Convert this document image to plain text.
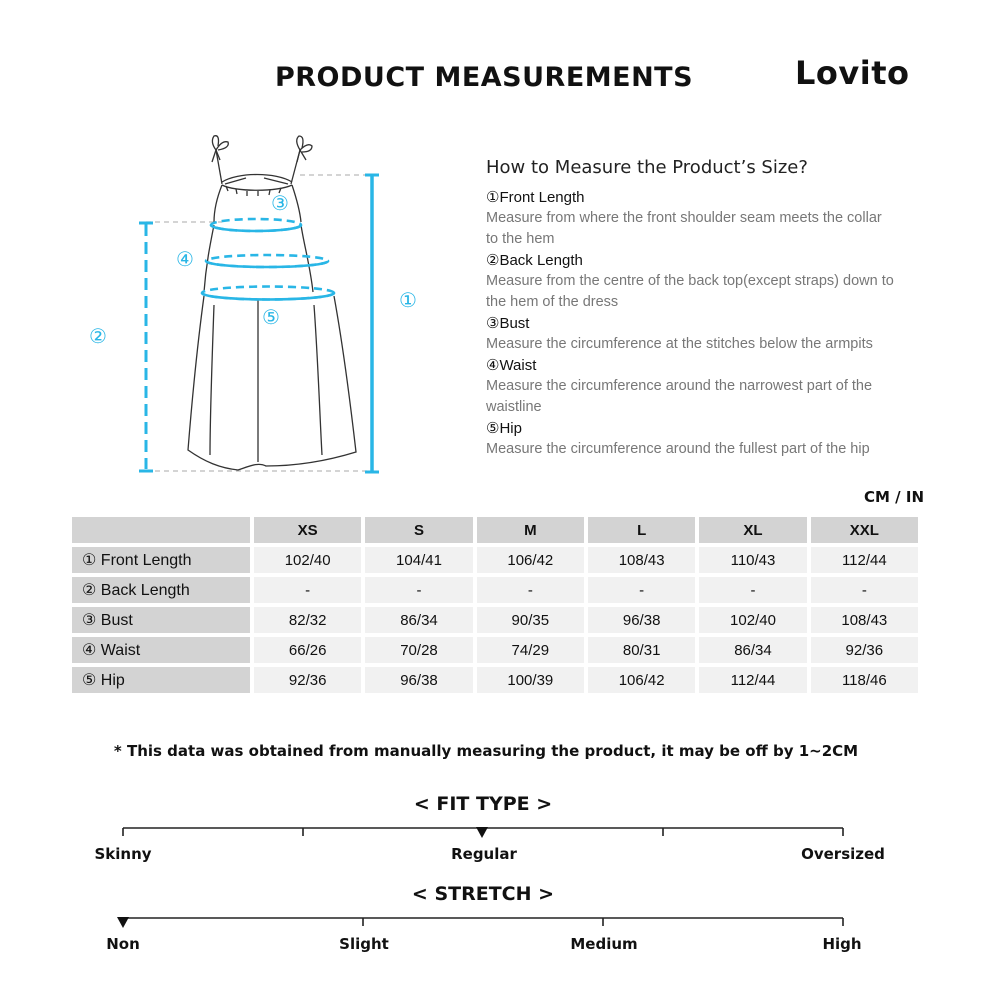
PRODUCT MEASUREMENTS	Lovito
①
②
③
④
⑤
How to Measure the Product’s Size?
①Front Length
Measure from where the front shoulder seam meets the collar
to the hem
②Back Length
Measure from the centre of the back top(except straps) down to
the hem of the dress
③Bust
Measure the circumference at the stitches below the armpits
④Waist
Measure the circumference around the narrowest part of the
waistline
⑤Hip
Measure the circumference around the fullest part of the hip
CM / IN
	XS	S	M	L	XL	XXL
① Front Length	102/40	104/41	106/42	108/43	110/43	112/44
② Back Length	-	-	-	-	-	-
③ Bust	82/32	86/34	90/35	96/38	102/40	108/43
④ Waist	66/26	70/28	74/29	80/31	86/34	92/36
⑤ Hip	92/36	96/38	100/39	106/42	112/44	118/46
* This data was obtained from manually measuring the product, it may be off by 1~2CM
< FIT TYPE >
Skinny	Regular	Oversized
< STRETCH >
Non	Slight	Medium	High
